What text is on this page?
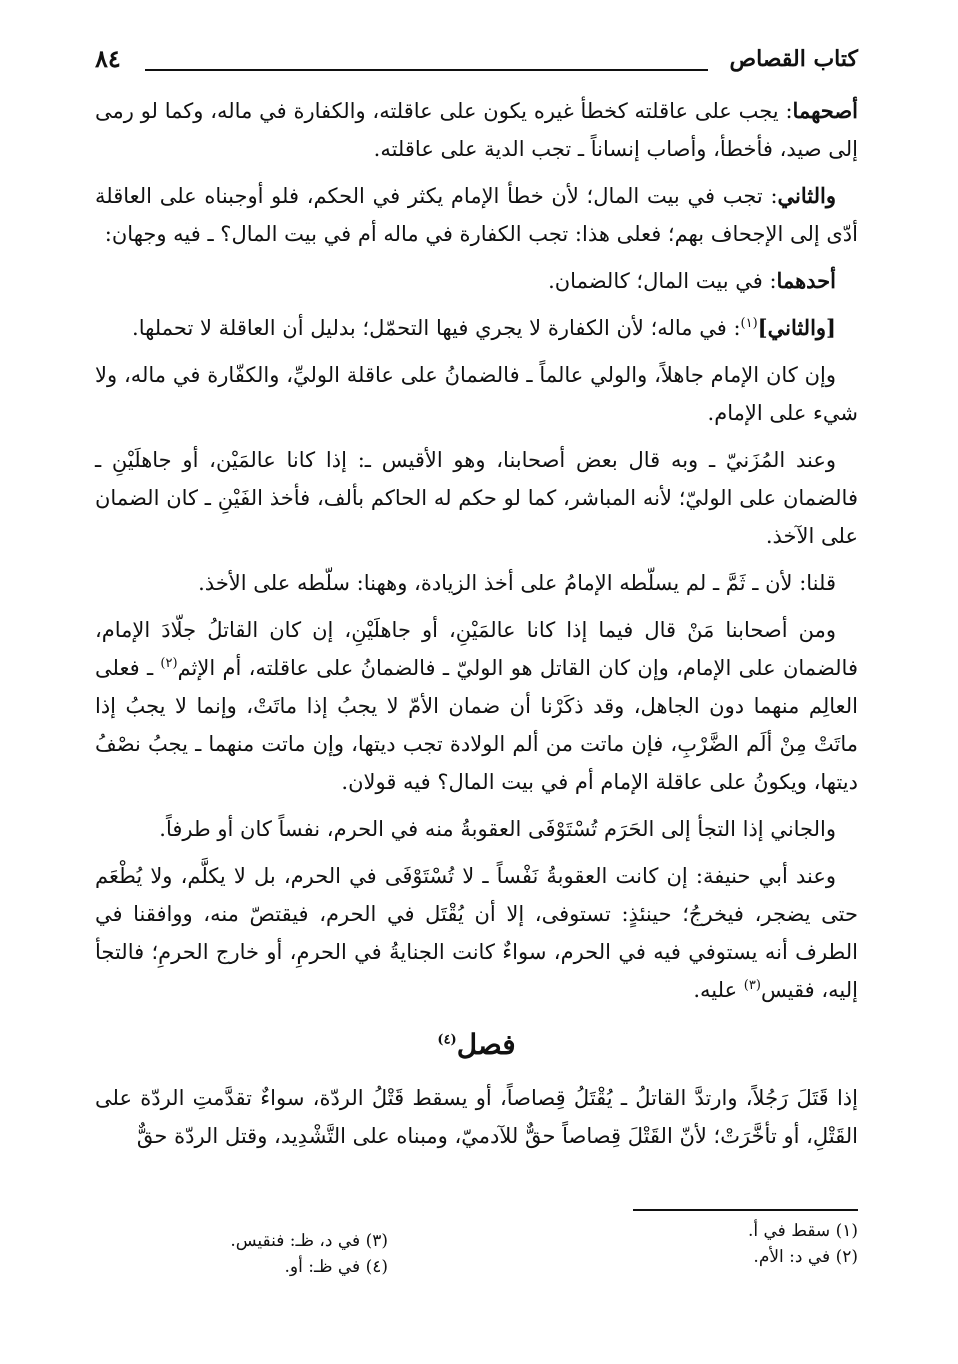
كتاب القصاص
٨٤

أصحهما: يجب على عاقلته كخطأ غيره يكون على عاقلته، والكفارة في ماله، وكما لو رمى إلى صيد، فأخطأ، وأصاب إنساناً ـ تجب الدية على عاقلته.

والثاني: تجب في بيت المال؛ لأن خطأ الإمام يكثر في الحكم، فلو أوجبناه على العاقلة أدّى إلى الإجحاف بهم؛ فعلى هذا: تجب الكفارة في ماله أم في بيت المال؟ ـ فيه وجهان:

أحدهما: في بيت المال؛ كالضمان.

[والثاني]$^{(١)}$: في ماله؛ لأن الكفارة لا يجري فيها التحمّل؛ بدليل أن العاقلة لا تحملها.

وإن كان الإمام جاهلاً، والولي عالماً ـ فالضمانُ على عاقلة الوليِّ، والكفّارة في ماله، ولا شيء على الإمام.

وعند المُزَنيّ ـ وبه قال بعض أصحابنا، وهو الأقيس ـ: إذا كانا عالمَيْن، أو جاهلَيْنِ ـ فالضمان على الوليّ؛ لأنه المباشر، كما لو حكم له الحاكم بألف، فأخذ الفَيْنِ ـ كان الضمان على الآخذ.

قلنا: لأن ـ ثَمَّ ـ لم يسلّطه الإمامُ على أخذ الزيادة، وههنا: سلّطه على الأخذ.

ومن أصحابنا مَنْ قال فيما إذا كانا عالمَيْنِ، أو جاهلَيْنِ، إن كان القاتلُ جلّادَ الإمام، فالضمان على الإمام، وإن كان القاتل هو الوليّ ـ فالضمانُ على عاقلته، أم الإثم$^{(٢)}$ ـ فعلى العالِم منهما دون الجاهل، وقد ذكَرْنا أن ضمان الأمّ لا يجبُ إذا ماتَتْ، وإنما لا يجبُ إذا ماتَتْ مِنْ ألَم الضَّرْبِ، فإن ماتت من ألم الولادة تجب ديتها، وإن ماتت منهما ـ يجبُ نصْفُ ديتها، ويكونُ على عاقلة الإمام أم في بيت المال؟ فيه قولان.

والجاني إذا التجأ إلى الحَرَم تُسْتَوْفَى العقوبةُ منه في الحرم، نفساً كان أو طرفاً.

وعند أبي حنيفة: إن كانت العقوبةُ نَفْساً ـ لا تُسْتَوْفَى في الحرم، بل لا يكلَّم، ولا يُطْعَم حتى يضجر، فيخرجُ؛ حينئذٍ: تستوفى، إلا أن يُقْتَل في الحرم، فيقتصّ منه، ووافقنا في الطرف أنه يستوفي فيه في الحرم، سواءٌ كانت الجنايةُ في الحرمِ، أو خارج الحرمِ؛ فالتجأ إليه، فقيس$^{(٣)}$ عليه.

فصل$^{(٤)}$

إذا قَتَلَ رَجُلاً، وارتدَّ القاتلُ ـ يُقْتَلُ قِصاصاً، أو يسقط قَتْلُ الردّة، سواءٌ تقدَّمتِ الردّة على القَتْلِ، أو تأخَّرَتْ؛ لأنّ القَتْلَ قِصاصاً حقٌّ للآدميّ، ومبناه على التَّشْدِيد، وقتل الردّة حقٌّ

(١) سقط في أ.
(٢) في د: الأم.
(٣) في د، ظـ: فنقيس.
(٤) في ظـ: أو.
